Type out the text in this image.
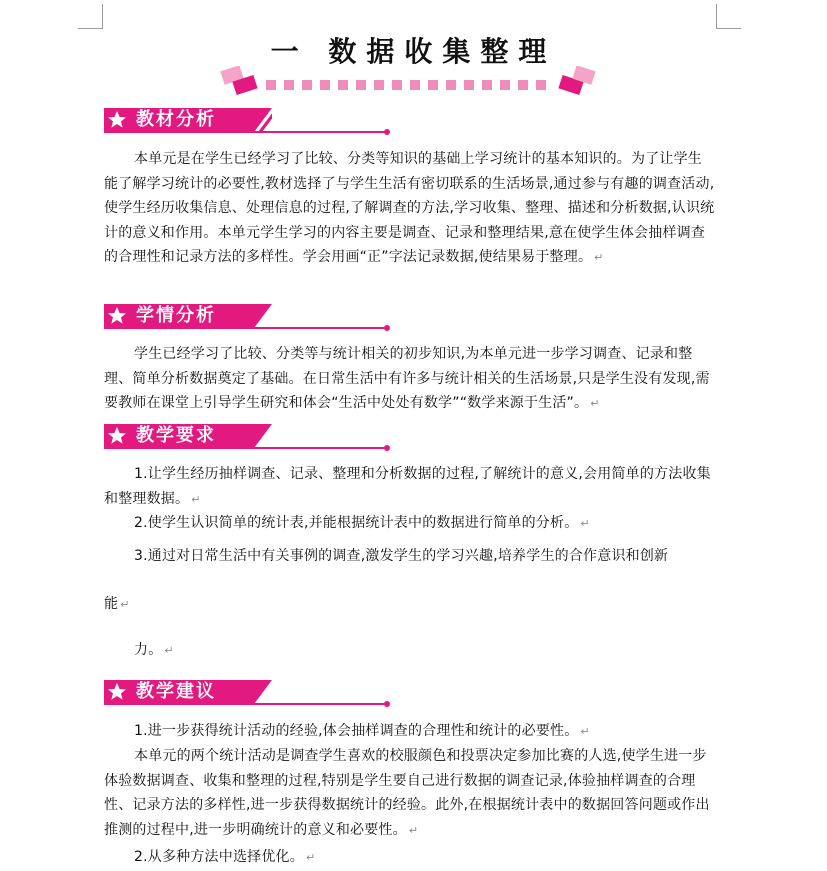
一 数据收集整理
教材分析
本单元是在学生已经学习了比较、分类等知识的基础上学习统计的基本知识的。为了让学生能了解学习统计的必要性,教材选择了与学生生活有密切联系的生活场景,通过参与有趣的调查活动,使学生经历收集信息、处理信息的过程,了解调查的方法,学习收集、整理、描述和分析数据,认识统计的意义和作用。本单元学生学习的内容主要是调查、记录和整理结果,意在使学生体会抽样调查的合理性和记录方法的多样性。学会用画“正”字法记录数据,使结果易于整理。 ↵
学情分析
学生已经学习了比较、分类等与统计相关的初步知识,为本单元进一步学习调查、记录和整理、简单分析数据奠定了基础。在日常生活中有许多与统计相关的生活场景,只是学生没有发现,需要教师在课堂上引导学生研究和体会“生活中处处有数学”“数学来源于生活”。 ↵
教学要求
1.让学生经历抽样调查、记录、整理和分析数据的过程,了解统计的意义,会用简单的方法收集和整理数据。 ↵
2.使学生认识简单的统计表,并能根据统计表中的数据进行简单的分析。 ↵
3.通过对日常生活中有关事例的调查,激发学生的学习兴趣,培养学生的合作意识和创新
能 ↵
力。 ↵
教学建议
1.进一步获得统计活动的经验,体会抽样调查的合理性和统计的必要性。 ↵
本单元的两个统计活动是调查学生喜欢的校服颜色和投票决定参加比赛的人选,使学生进一步体验数据调查、收集和整理的过程,特别是学生要自己进行数据的调查记录,体验抽样调查的合理性、记录方法的多样性,进一步获得数据统计的经验。此外,在根据统计表中的数据回答问题或作出推测的过程中,进一步明确统计的意义和必要性。 ↵
2.从多种方法中选择优化。 ↵
